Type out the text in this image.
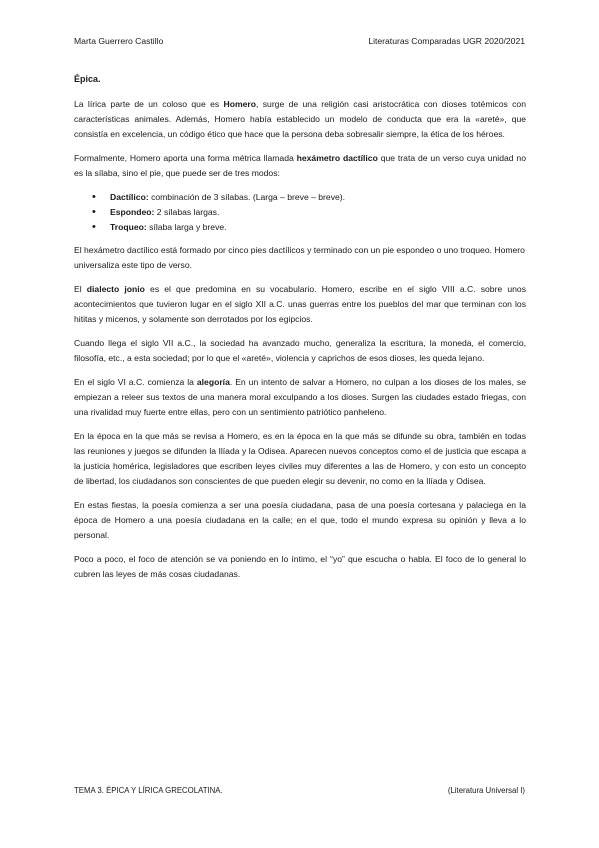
Marta Guerrero Castillo	Literaturas Comparadas UGR 2020/2021
Épica.

La lírica parte de un coloso que es Homero, surge de una religión casi aristocrática con dioses totémicos con características animales. Además, Homero había establecido un modelo de conducta que era la «areté», que consistía en excelencia, un código ético que hace que la persona deba sobresalir siempre, la ética de los héroes.

Formalmente, Homero aporta una forma métrica llamada hexámetro dactílico que trata de un verso cuya unidad no es la sílaba, sino el pie, que puede ser de tres modos:

• Dactílico: combinación de 3 sílabas. (Larga – breve – breve).
• Espondeo: 2 sílabas largas.
• Troqueo: sílaba larga y breve.

El hexámetro dactílico está formado por cinco pies dactílicos y terminado con un pie espondeo o uno troqueo. Homero universaliza este tipo de verso.

El dialecto jonio es el que predomina en su vocabulario. Homero, escribe en el siglo VIII a.C. sobre unos acontecimientos que tuvieron lugar en el siglo XII a.C. unas guerras entre los pueblos del mar que terminan con los hititas y micenos, y solamente son derrotados por los egipcios.

Cuando llega el siglo VII a.C., la sociedad ha avanzado mucho, generaliza la escritura, la moneda, el comercio, filosofía, etc., a esta sociedad; por lo que el «areté», violencia y caprichos de esos dioses, les queda lejano.

En el siglo VI a.C. comienza la alegoría. En un intento de salvar a Homero, no culpan a los dioses de los males, se empiezan a releer sus textos de una manera moral exculpando a los dioses. Surgen las ciudades estado friegas, con una rivalidad muy fuerte entre ellas, pero con un sentimiento patriótico panheleno.

En la época en la que más se revisa a Homero, es en la época en la que más se difunde su obra, también en todas las reuniones y juegos se difunden la Ilíada y la Odisea. Aparecen nuevos conceptos como el de justicia que escapa a la justicia homérica, legisladores que escriben leyes civiles muy diferentes a las de Homero, y con esto un concepto de libertad, los ciudadanos son conscientes de que pueden elegir su devenir, no como en la Ilíada y Odisea.

En estas fiestas, la poesía comienza a ser una poesía ciudadana, pasa de una poesía cortesana y palaciega en la época de Homero a una poesía ciudadana en la calle; en el que, todo el mundo expresa su opinión y lleva a lo personal.

Poco a poco, el foco de atención se va poniendo en lo íntimo, el “yo” que escucha o habla. El foco de lo general lo cubren las leyes de más cosas ciudadanas.

TEMA 3. ÉPICA Y LÍRICA GRECOLATINA.	(Literatura Universal I)
